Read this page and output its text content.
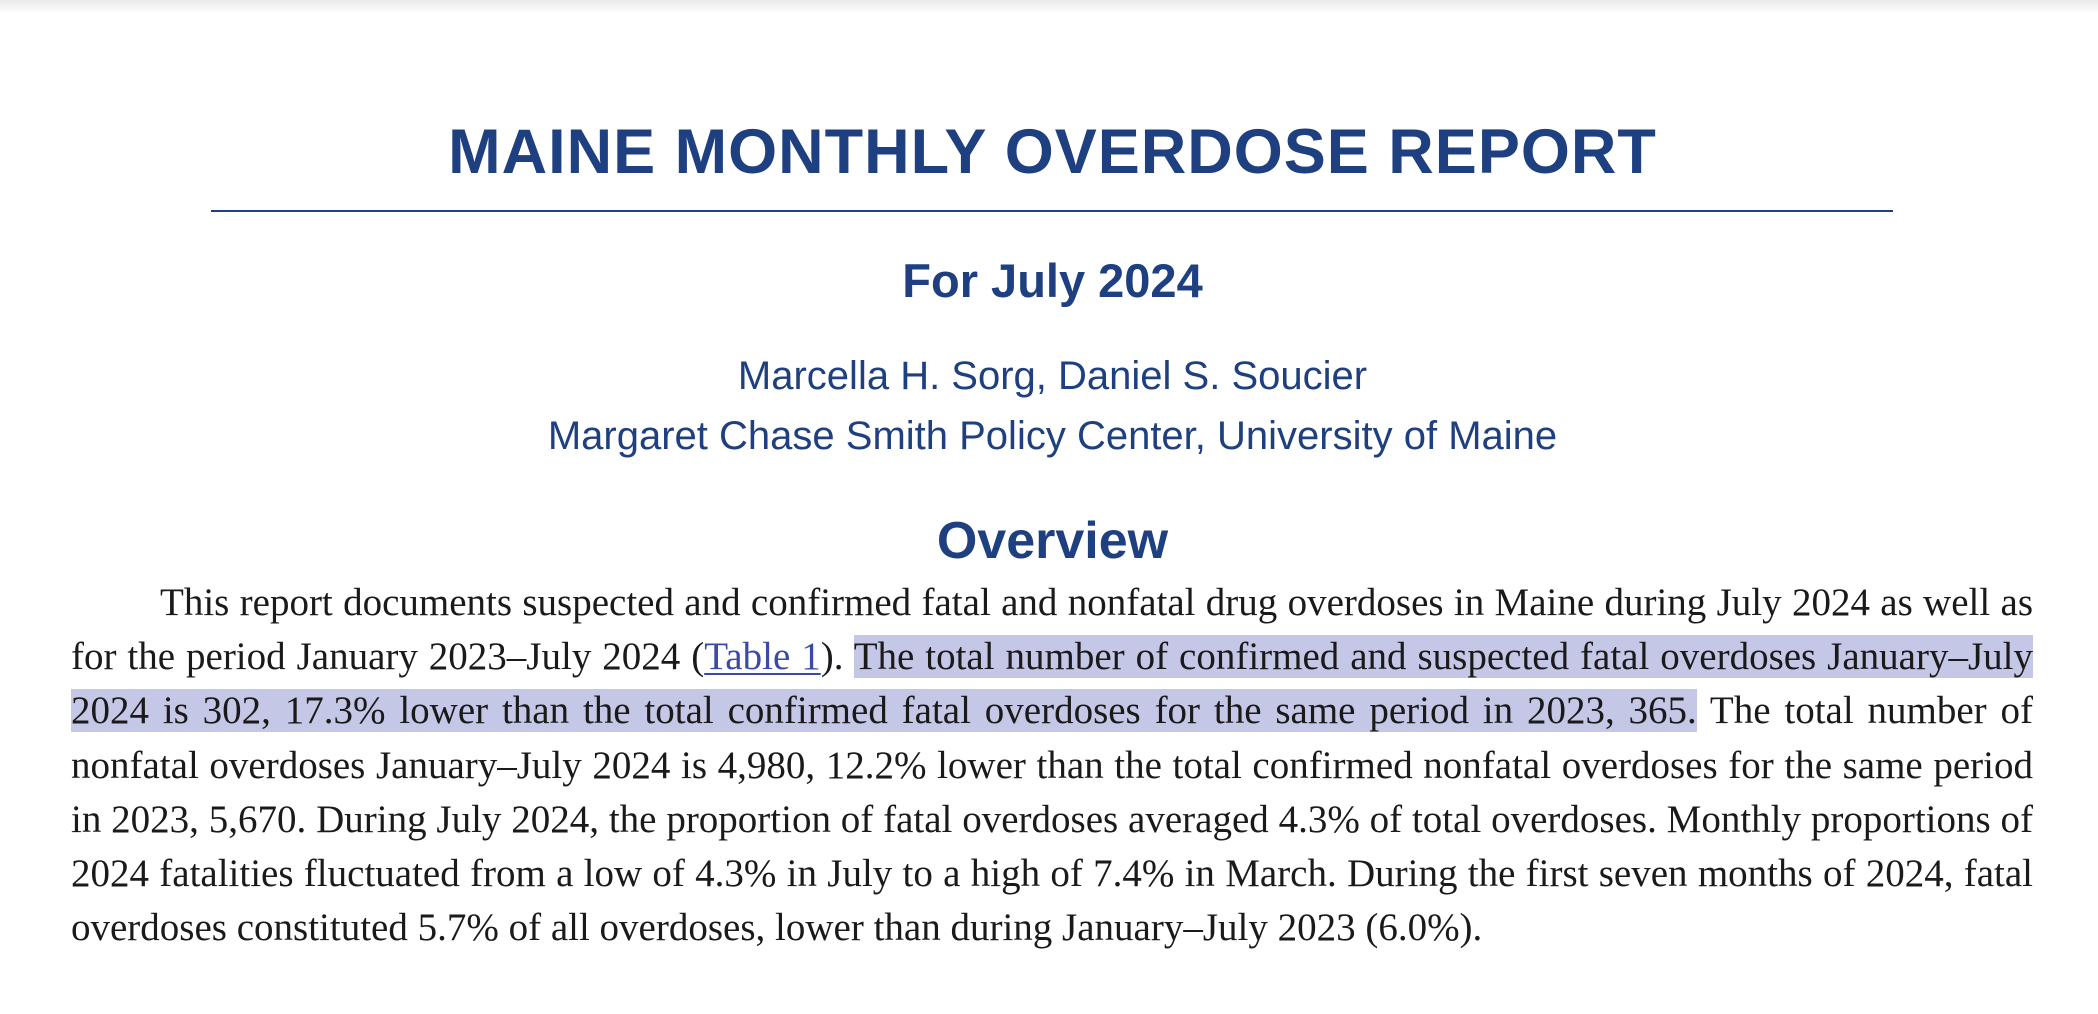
MAINE MONTHLY OVERDOSE REPORT
For July 2024

Marcella H. Sorg, Daniel S. Soucier

Margaret Chase Smith Policy Center, University of Maine

Overview

This report documents suspected and confirmed fatal and nonfatal drug overdoses in Maine during July 2024 as well as for the period January 2023–July 2024 (Table 1). The total number of confirmed and suspected fatal overdoses January–July 2024 is 302, 17.3% lower than the total confirmed fatal overdoses for the same period in 2023, 365. The total number of nonfatal overdoses January–July 2024 is 4,980, 12.2% lower than the total confirmed nonfatal overdoses for the same period in 2023, 5,670. During July 2024, the proportion of fatal overdoses averaged 4.3% of total overdoses. Monthly proportions of 2024 fatalities fluctuated from a low of 4.3% in July to a high of 7.4% in March. During the first seven months of 2024, fatal overdoses constituted 5.7% of all overdoses, lower than during January–July 2023 (6.0%).
